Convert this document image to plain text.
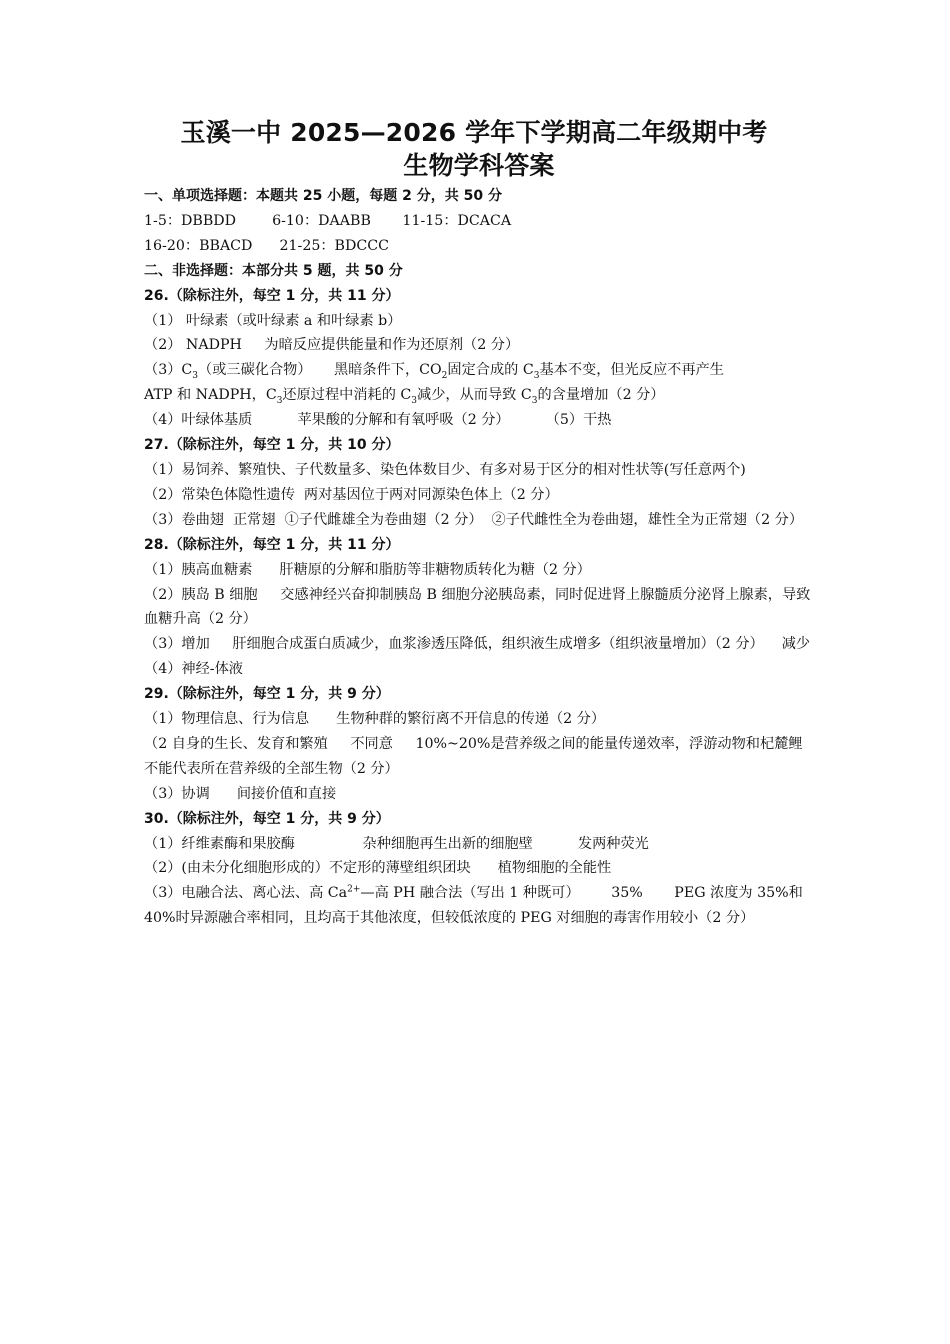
玉溪一中 2025—2026 学年下学期高二年级期中考
生物学科答案
一、单项选择题：本题共 25 小题，每题 2 分，共 50 分
1-5：DBBDD        6-10：DAABB       11-15：DCACA
16-20：BBACD      21-25：BDCCC
二、非选择题：本部分共 5 题，共 50 分
26.（除标注外，每空 1 分，共 11 分）
（1） 叶绿素（或叶绿素 a 和叶绿素 b）
（2） NADPH     为暗反应提供能量和作为还原剂（2 分）
$(3)C_3$（或三碳化合物）     黑暗条件下，$CO_2$固定合成的 $C_3$基本不变，但光反应不再产生
ATP 和 NADPH，$C_3$还原过程中消耗的 $C_3$减少，从而导致 $C_3$的含量增加（2 分）
（4）叶绿体基质          苹果酸的分解和有氧呼吸（2 分）        （5）干热
27.（除标注外，每空 1 分，共 10 分）
（1）易饲养、繁殖快、子代数量多、染色体数目少、有多对易于区分的相对性状等(写任意两个)
（2）常染色体隐性遗传  两对基因位于两对同源染色体上（2 分）
（3）卷曲翅  正常翅  ①子代雌雄全为卷曲翅（2 分）  ②子代雌性全为卷曲翅，雄性全为正常翅（2 分）
28.（除标注外，每空 1 分，共 11 分）
（1）胰高血糖素      肝糖原的分解和脂肪等非糖物质转化为糖（2 分）
（2）胰岛 B 细胞     交感神经兴奋抑制胰岛 B 细胞分泌胰岛素，同时促进肾上腺髓质分泌肾上腺素，导致血糖升高（2 分）
（3）增加     肝细胞合成蛋白质减少，血浆渗透压降低，组织液生成增多（组织液量增加）（2 分）    减少
（4）神经-体液
29.（除标注外，每空 1 分，共 9 分）
（1）物理信息、行为信息      生物种群的繁衍离不开信息的传递（2 分）
（2 自身的生长、发育和繁殖     不同意     10%~20%是营养级之间的能量传递效率，浮游动物和杞麓鲤不能代表所在营养级的全部生物（2 分）
（3）协调      间接价值和直接
30.（除标注外，每空 1 分，共 9 分）
（1）纤维素酶和果胶酶               杂种细胞再生出新的细胞壁          发两种荧光
（2）(由未分化细胞形成的）不定形的薄壁组织团块      植物细胞的全能性
（3）电融合法、离心法、高 $Ca^{2+}—$高 PH 融合法（写出 1 种既可）       35%       PEG 浓度为 35%和 40%时异源融合率相同，且均高于其他浓度，但较低浓度的 PEG 对细胞的毒害作用较小（2 分）
